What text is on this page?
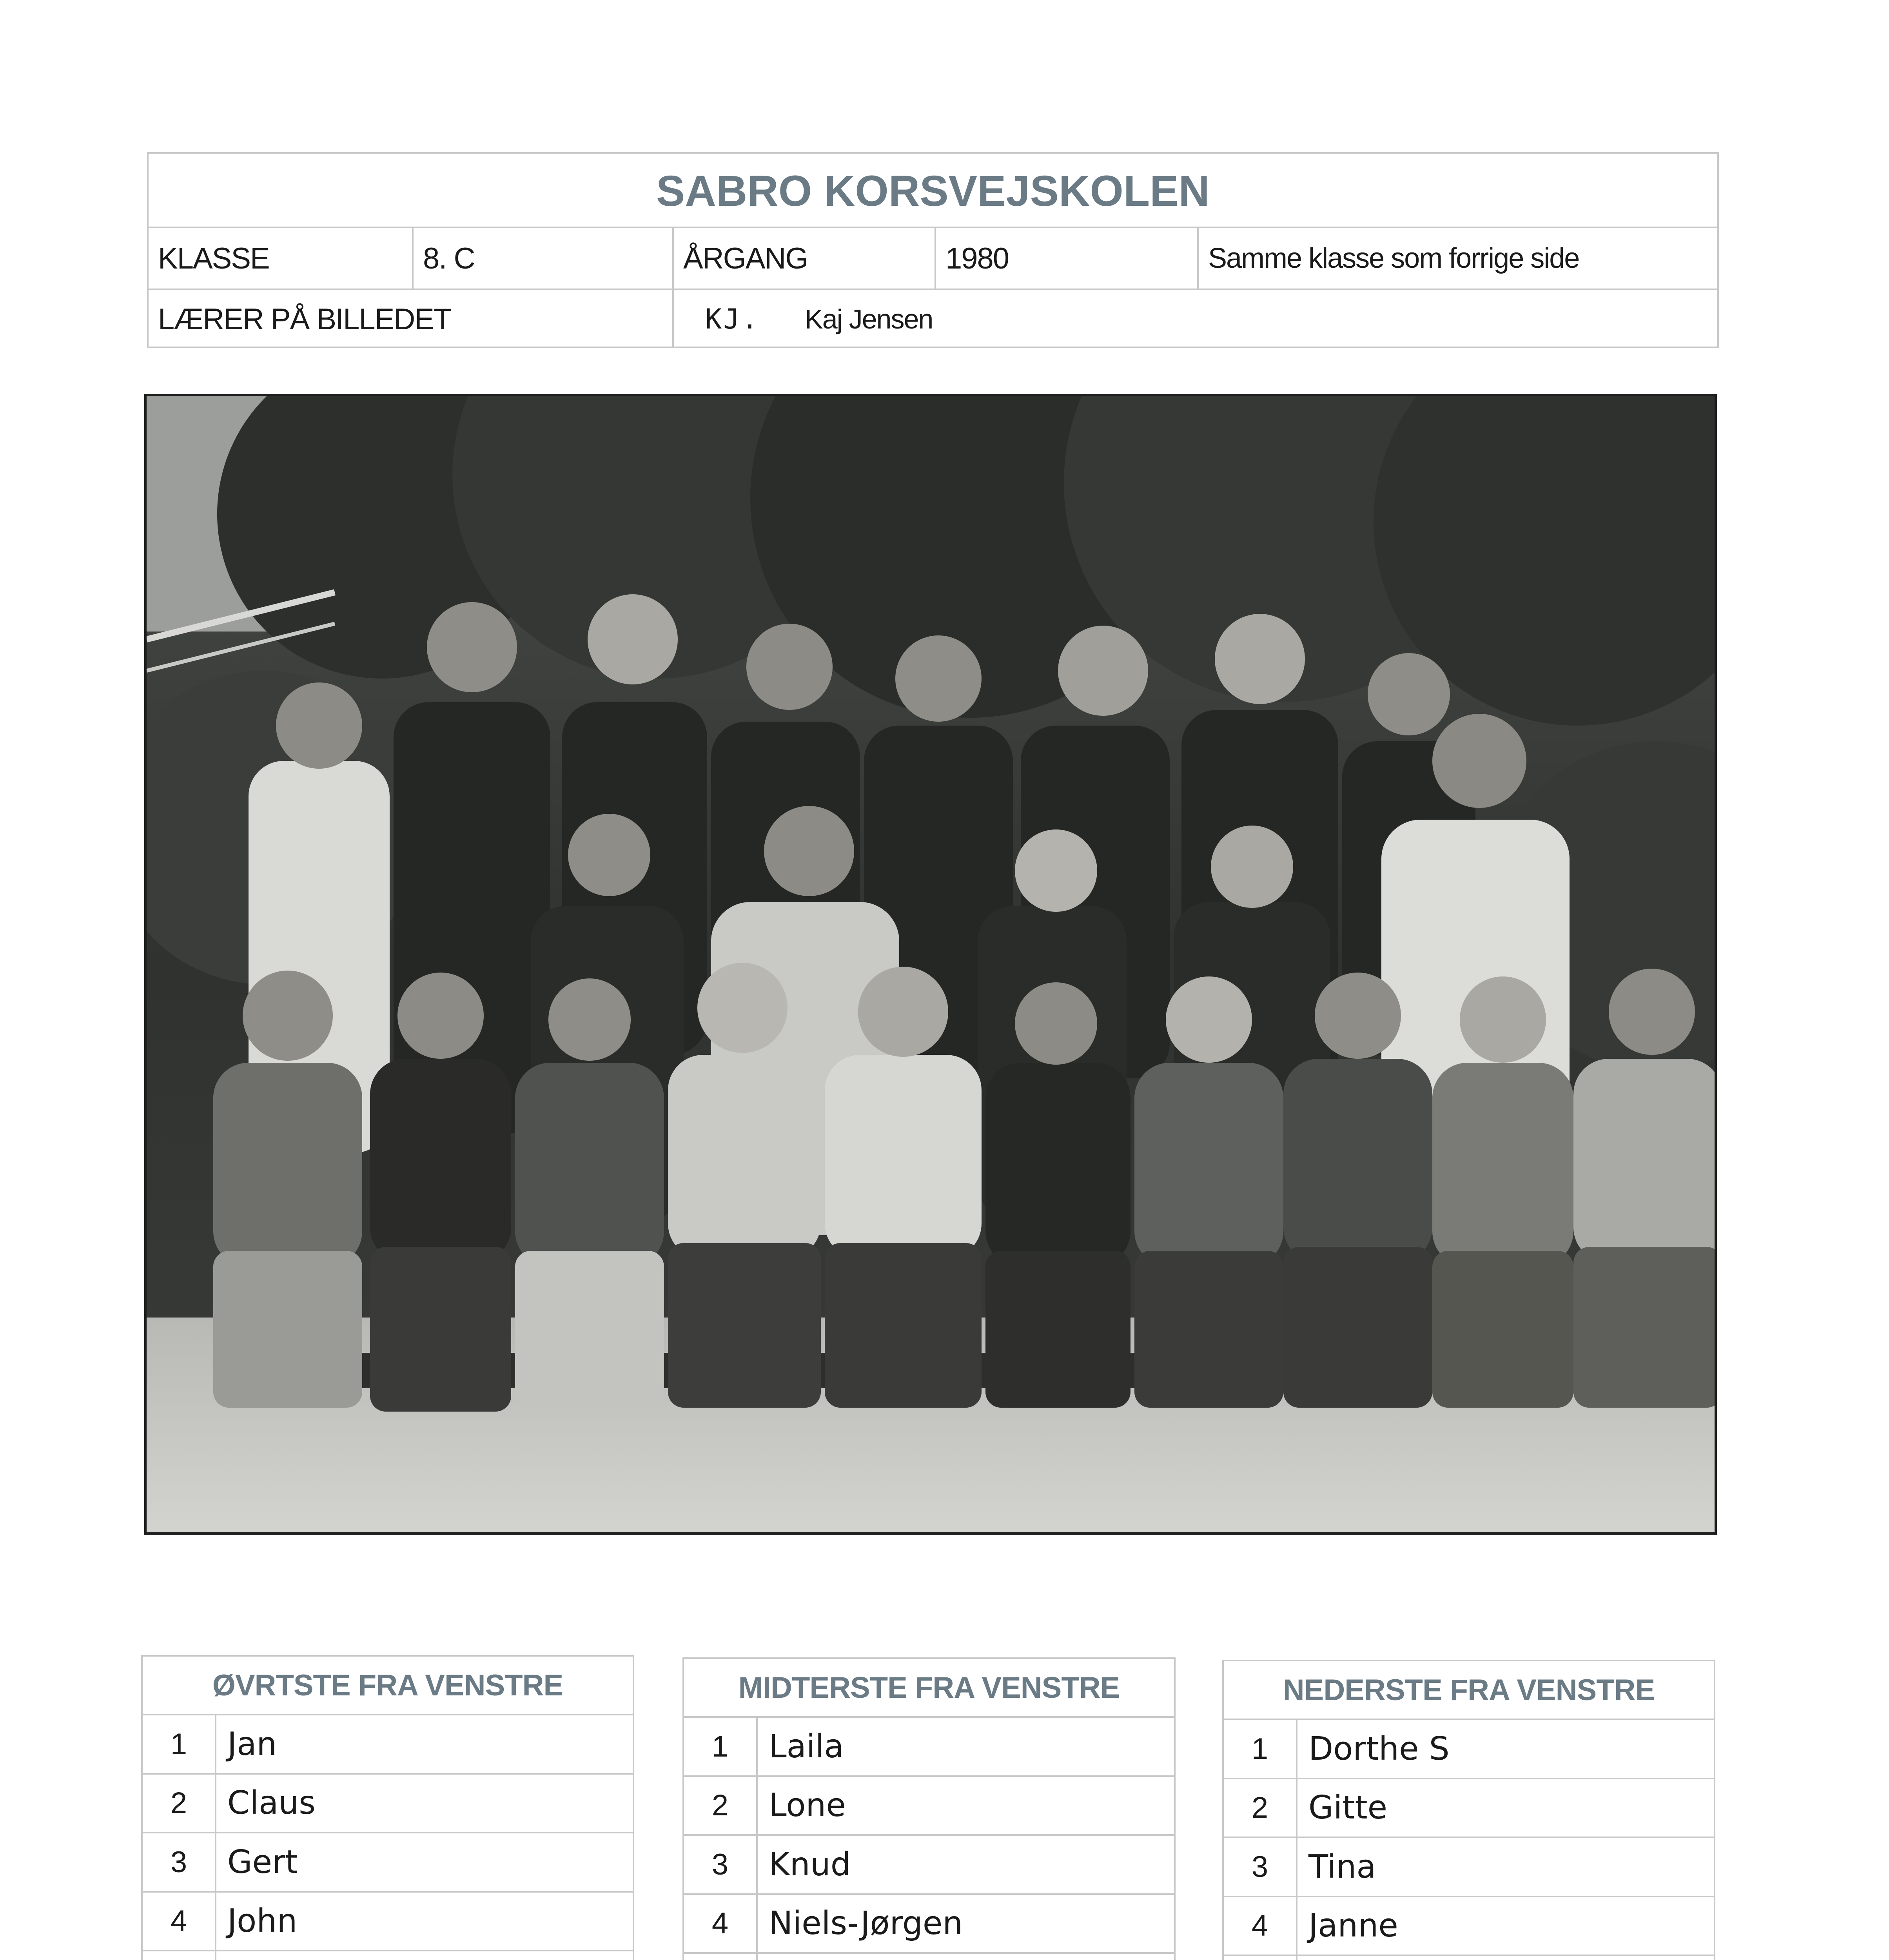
SABRO KORSVEJSKOLEN
KLASSE	8. C	ÅRGANG	1980	Samme klasse som forrige side
LÆRER PÅ BILLEDET	KJ.	Kaj Jensen
ØVRTSTE FRA VENSTRE
1	Jan
2	Claus
3	Gert
4	John
MIDTERSTE FRA VENSTRE
1	Laila
2	Lone
3	Knud
4	Niels-Jørgen
NEDERSTE FRA VENSTRE
1	Dorthe S
2	Gitte
3	Tina
4	Janne
